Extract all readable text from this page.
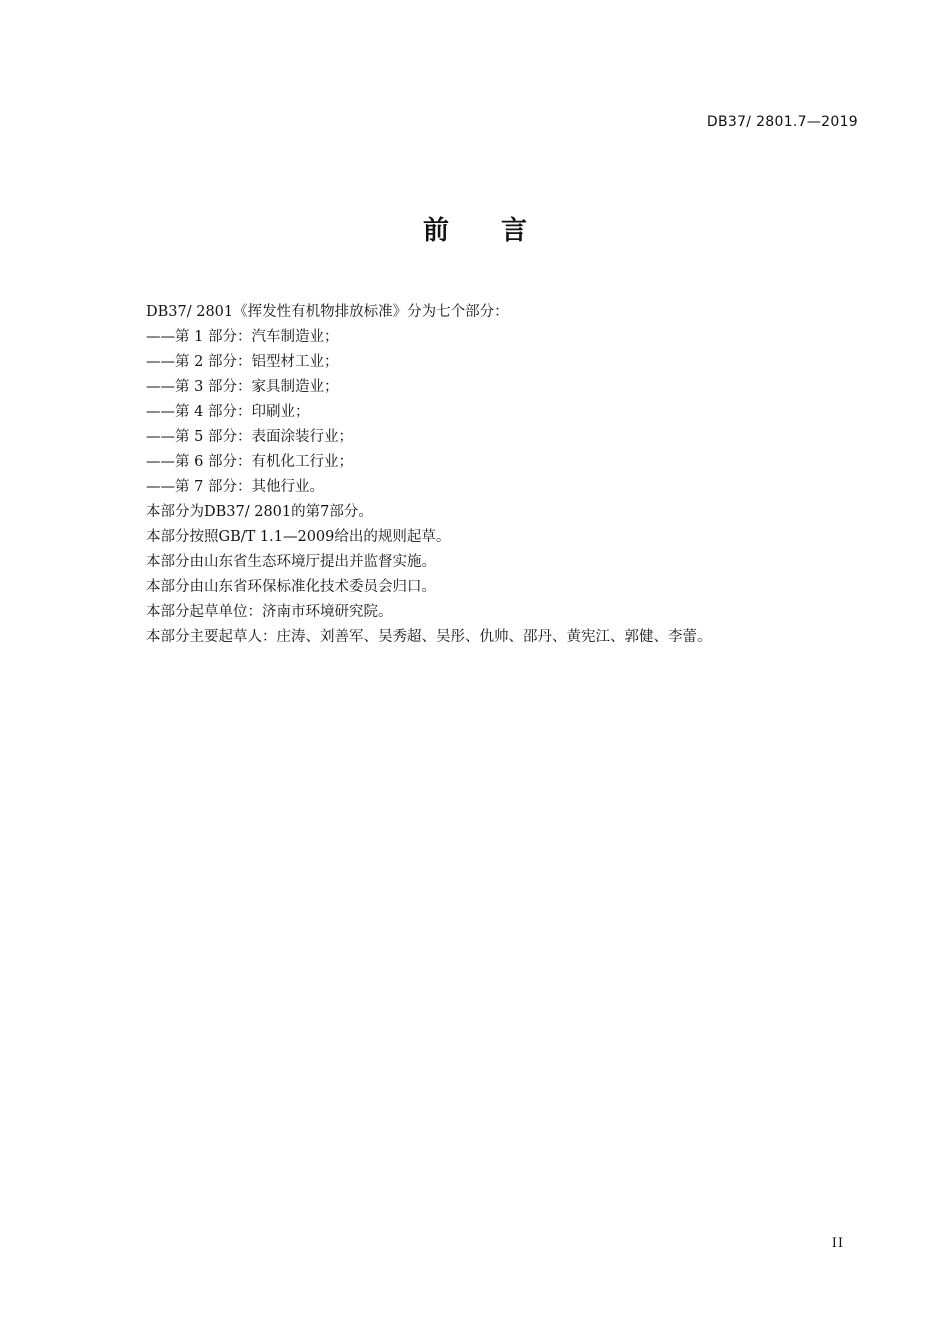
DB37/ 2801.7—2019
前 言
DB37/ 2801《挥发性有机物排放标准》分为七个部分：
——第 1 部分：汽车制造业；
——第 2 部分：铝型材工业；
——第 3 部分：家具制造业；
——第 4 部分：印刷业；
——第 5 部分：表面涂装行业；
——第 6 部分：有机化工行业；
——第 7 部分：其他行业。
本部分为DB37/ 2801的第7部分。
本部分按照GB/T 1.1—2009给出的规则起草。
本部分由山东省生态环境厅提出并监督实施。
本部分由山东省环保标准化技术委员会归口。
本部分起草单位：济南市环境研究院。
本部分主要起草人：庄涛、刘善军、吴秀超、吴彤、仇帅、邵丹、黄宪江、郭健、李蕾。
II
